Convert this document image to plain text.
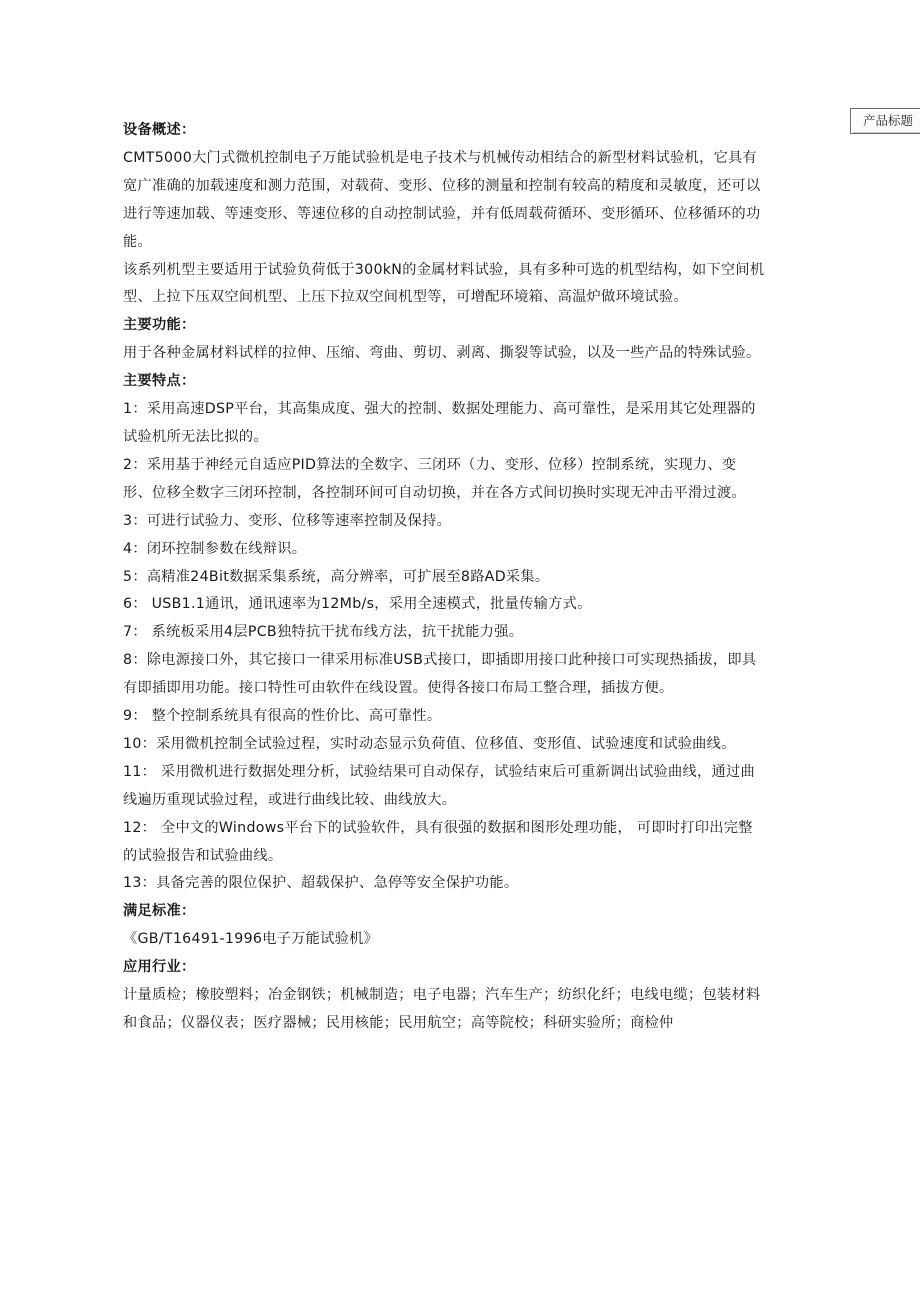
产品标题

设备概述：

CMT5000大门式微机控制电子万能试验机是电子技术与机械传动相结合的新型材料试验机，它具有宽广准确的加载速度和测力范围，对载荷、变形、位移的测量和控制有较高的精度和灵敏度，还可以进行等速加载、等速变形、等速位移的自动控制试验，并有低周载荷循环、变形循环、位移循环的功能。

该系列机型主要适用于试验负荷低于300kN的金属材料试验，具有多种可选的机型结构，如下空间机型、上拉下压双空间机型、上压下拉双空间机型等，可增配环境箱、高温炉做环境试验。

主要功能：

用于各种金属材料试样的拉伸、压缩、弯曲、剪切、剥离、撕裂等试验，以及一些产品的特殊试验。

主要特点：

1：采用高速DSP平台，其高集成度、强大的控制、数据处理能力、高可靠性，是采用其它处理器的试验机所无法比拟的。

2：采用基于神经元自适应PID算法的全数字、三闭环（力、变形、位移）控制系统，实现力、变形、位移全数字三闭环控制，各控制环间可自动切换，并在各方式间切换时实现无冲击平滑过渡。

3：可进行试验力、变形、位移等速率控制及保持。

4：闭环控制参数在线辩识。

5：高精准24Bit数据采集系统，高分辨率，可扩展至8路AD采集。

6： USB1.1通讯，通讯速率为12Mb/s，采用全速模式，批量传输方式。

7： 系统板采用4层PCB独特抗干扰布线方法，抗干扰能力强。

8：除电源接口外，其它接口一律采用标准USB式接口，即插即用接口此种接口可实现热插拔，即具有即插即用功能。接口特性可由软件在线设置。使得各接口布局工整合理，插拔方便。

9： 整个控制系统具有很高的性价比、高可靠性。

10：采用微机控制全试验过程，实时动态显示负荷值、位移值、变形值、试验速度和试验曲线。

11： 采用微机进行数据处理分析，试验结果可自动保存，试验结束后可重新调出试验曲线，通过曲线遍历重现试验过程，或进行曲线比较、曲线放大。

12： 全中文的Windows平台下的试验软件，具有很强的数据和图形处理功能， 可即时打印出完整的试验报告和试验曲线。

13：具备完善的限位保护、超载保护、急停等安全保护功能。

满足标准：

《GB/T16491-1996电子万能试验机》

应用行业：

计量质检；橡胶塑料；冶金钢铁；机械制造；电子电器；汽车生产；纺织化纤；电线电缆；包装材料和食品；仪器仪表；医疗器械；民用核能；民用航空；高等院校；科研实验所；商检仲
